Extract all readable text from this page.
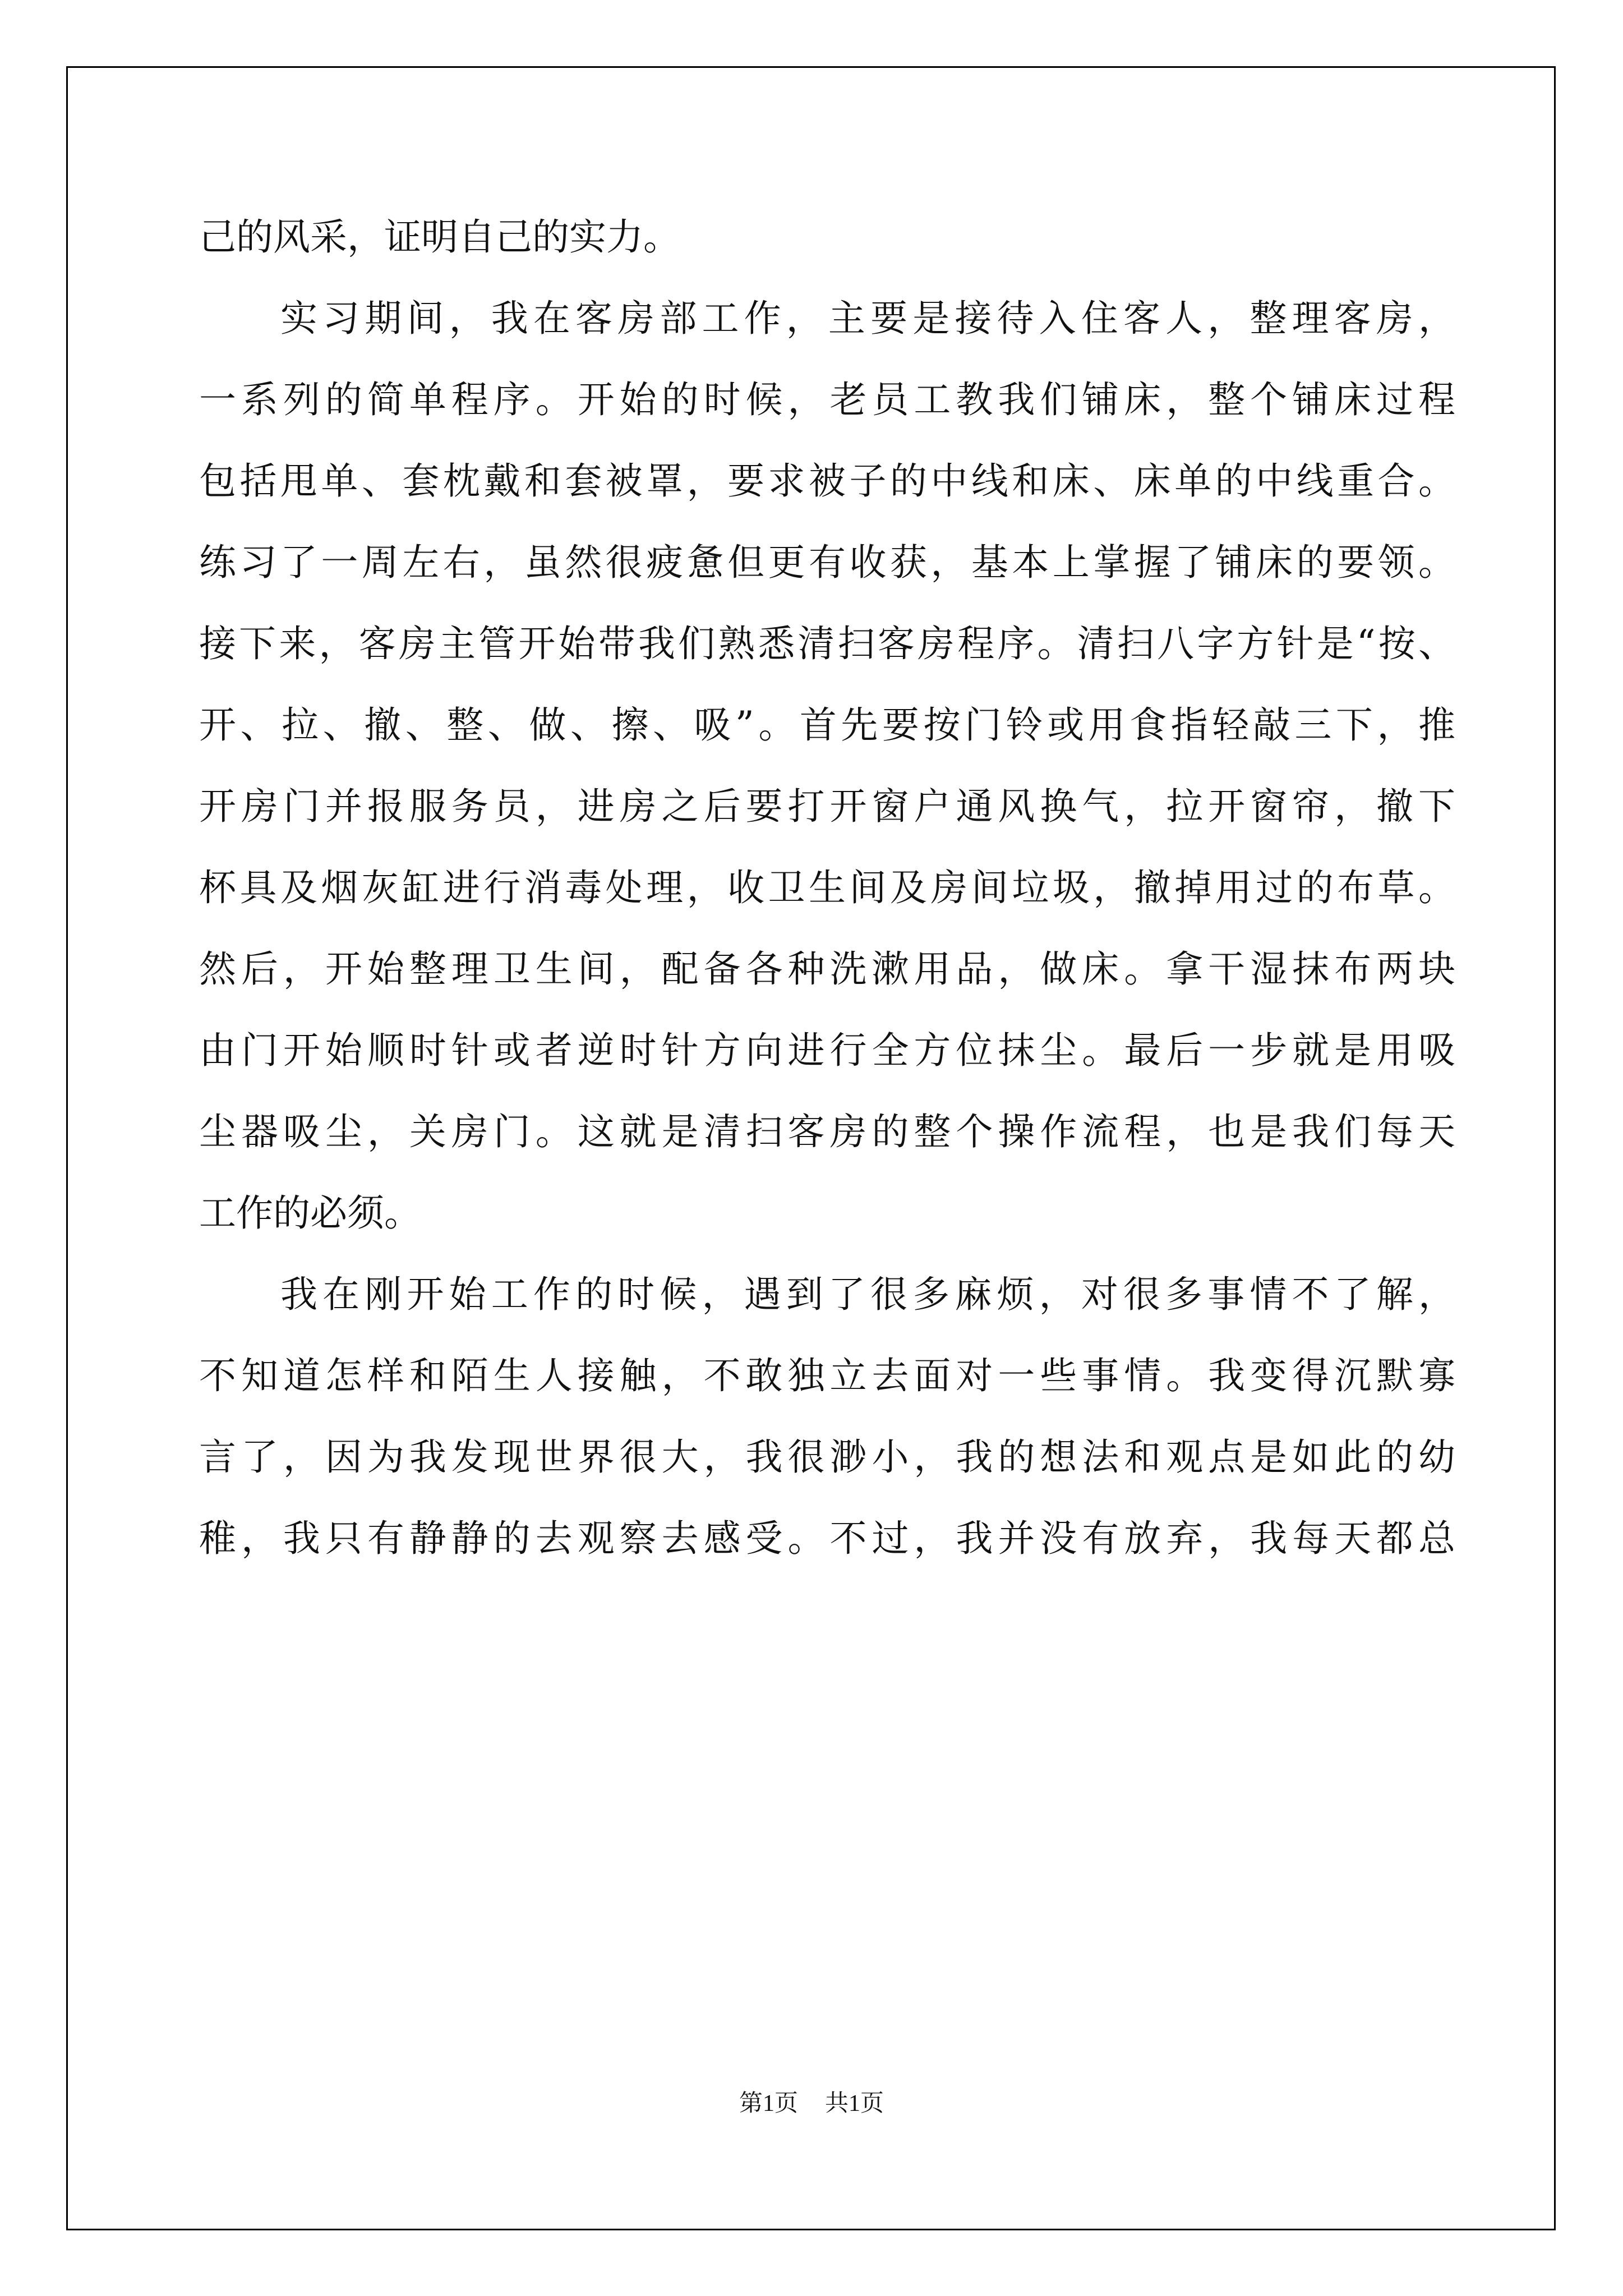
己的风采，证明自己的实力。

实习期间，我在客房部工作，主要是接待入住客人，整理客房，

一系列的简单程序。开始的时候，老员工教我们铺床，整个铺床过程

包括甩单、套枕戴和套被罩，要求被子的中线和床、床单的中线重合。

练习了一周左右，虽然很疲惫但更有收获，基本上掌握了铺床的要领。

接下来，客房主管开始带我们熟悉清扫客房程序。清扫八字方针是“按、

开、拉、撤、整、做、擦、吸”。首先要按门铃或用食指轻敲三下，推

开房门并报服务员，进房之后要打开窗户通风换气，拉开窗帘，撤下

杯具及烟灰缸进行消毒处理，收卫生间及房间垃圾，撤掉用过的布草。

然后，开始整理卫生间，配备各种洗漱用品，做床。拿干湿抹布两块

由门开始顺时针或者逆时针方向进行全方位抹尘。最后一步就是用吸

尘器吸尘，关房门。这就是清扫客房的整个操作流程，也是我们每天

工作的必须。

我在刚开始工作的时候，遇到了很多麻烦，对很多事情不了解，

不知道怎样和陌生人接触，不敢独立去面对一些事情。我变得沉默寡

言了，因为我发现世界很大，我很渺小，我的想法和观点是如此的幼

稚，我只有静静的去观察去感受。不过，我并没有放弃，我每天都总

第1页 共1页
